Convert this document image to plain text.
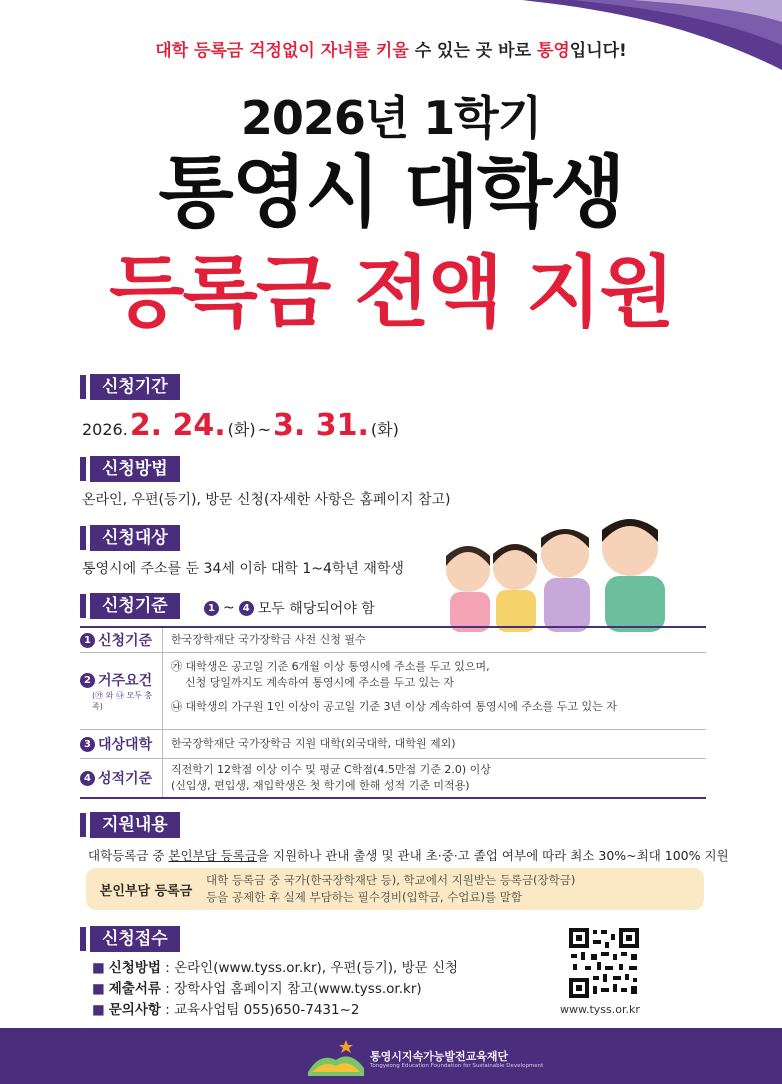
대학 등록금 걱정없이 자녀를 키울 수 있는 곳 바로 통영입니다!
2026년 1학기
통영시 대학생
등록금 전액 지원
신청기간
2026. 2. 24. (화) ~ 3. 31. (화)
신청방법
온라인, 우편(등기), 방문 신청(자세한 사항은 홈페이지 참고)
신청대상
통영시에 주소를 둔 34세 이하 대학 1~4학년 재학생
신청기준	1 ~ 4 모두 해당되어야 함
1 신청기준 한국장학재단 국가장학금 사전 신청 필수
2 거주요건
(㉮ 와 ㉯ 모두 충족)
㉮ 대학생은 공고일 기준 6개월 이상 통영시에 주소를 두고 있으며,
신청 당일까지도 계속하여 통영시에 주소를 두고 있는 자
㉯ 대학생의 가구원 1인 이상이 공고일 기준 3년 이상 계속하여 통영시에 주소를 두고 있는 자
3 대상대학 한국장학재단 국가장학금 지원 대학(외국대학, 대학원 제외)
4 성적기준
직전학기 12학점 이상 이수 및 평균 C학점(4.5만점 기준 2.0) 이상
(신입생, 편입생, 재입학생은 첫 학기에 한해 성적 기준 미적용)
지원내용
대학등록금 중 본인부담 등록금을 지원하나 관내 출생 및 관내 초·중·고 졸업 여부에 따라 최소 30%~최대 100% 지원
본인부담 등록금
대학 등록금 중 국가(한국장학재단 등), 학교에서 지원받는 등록금(장학금)
등을 공제한 후 실제 부담하는 필수경비(입학금, 수업료)를 말함
신청접수
■ 신청방법 : 온라인(www.tyss.or.kr), 우편(등기), 방문 신청
■ 제출서류 : 장학사업 홈페이지 참고(www.tyss.or.kr)
■ 문의사항 : 교육사업팀 055)650-7431~2	www.tyss.or.kr
통영시지속가능발전교육재단
Tongyeong Education Foundation for Sustainable Development
